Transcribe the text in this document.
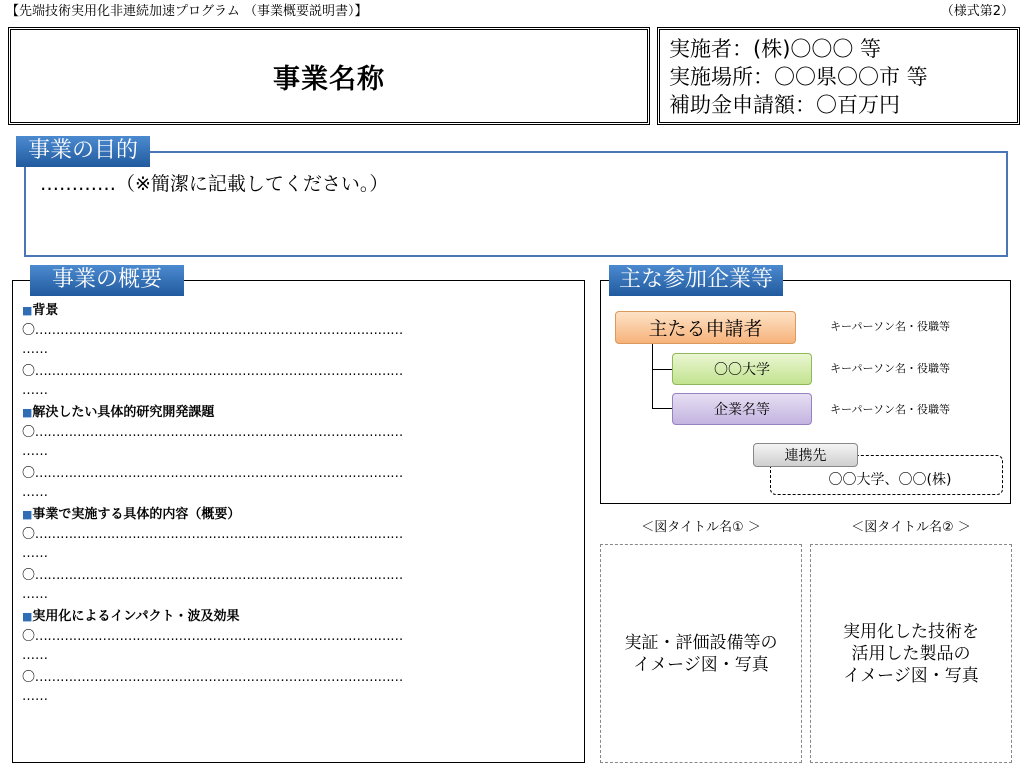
【先端技術実用化非連続加速プログラム （事業概要説明書）】	（様式第2）
事業名称
実施者：(株)〇〇〇 等
実施場所：〇〇県〇〇市 等
補助金申請額：〇百万円
事業の目的
…………（※簡潔に記載してください。）
事業の概要
■背景
〇……………………………………………………………………………
……
〇……………………………………………………………………………
……
■解決したい具体的研究開発課題
〇……………………………………………………………………………
……
〇……………………………………………………………………………
……
■事業で実施する具体的内容（概要）
〇……………………………………………………………………………
……
〇……………………………………………………………………………
……
■実用化によるインパクト・波及効果
〇……………………………………………………………………………
……
〇……………………………………………………………………………
……
主な参加企業等
主たる申請者
〇〇大学
企業名等
キーパーソン名・役職等
キーパーソン名・役職等
キーパーソン名・役職等
連携先
〇〇大学、〇〇(株)
＜図タイトル名① ＞	＜図タイトル名② ＞
実証・評価設備等の
イメージ図・写真
実用化した技術を
活用した製品の
イメージ図・写真
